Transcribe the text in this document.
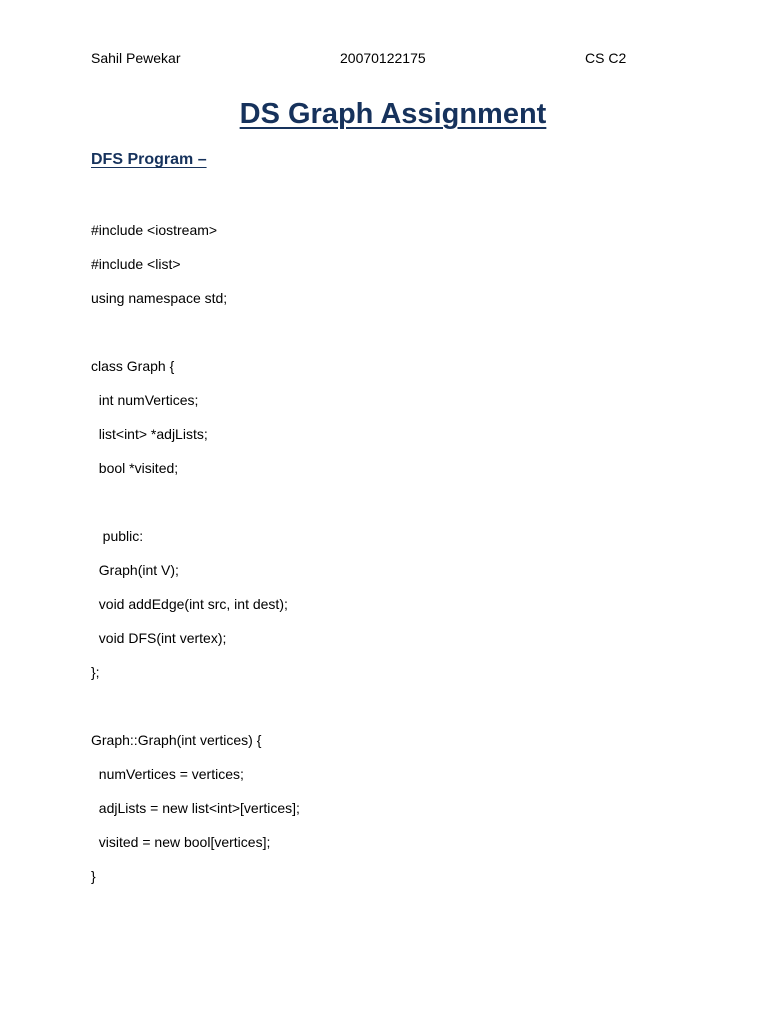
Sahil Pewekar	20070122175	CS C2
DS Graph Assignment
DFS Program –
#include <iostream>
#include <list>
using namespace std;
class Graph {
int numVertices;
list<int> *adjLists;
bool *visited;
public:
Graph(int V);
void addEdge(int src, int dest);
void DFS(int vertex);
};
Graph::Graph(int vertices) {
numVertices = vertices;
adjLists = new list<int>[vertices];
visited = new bool[vertices];
}
